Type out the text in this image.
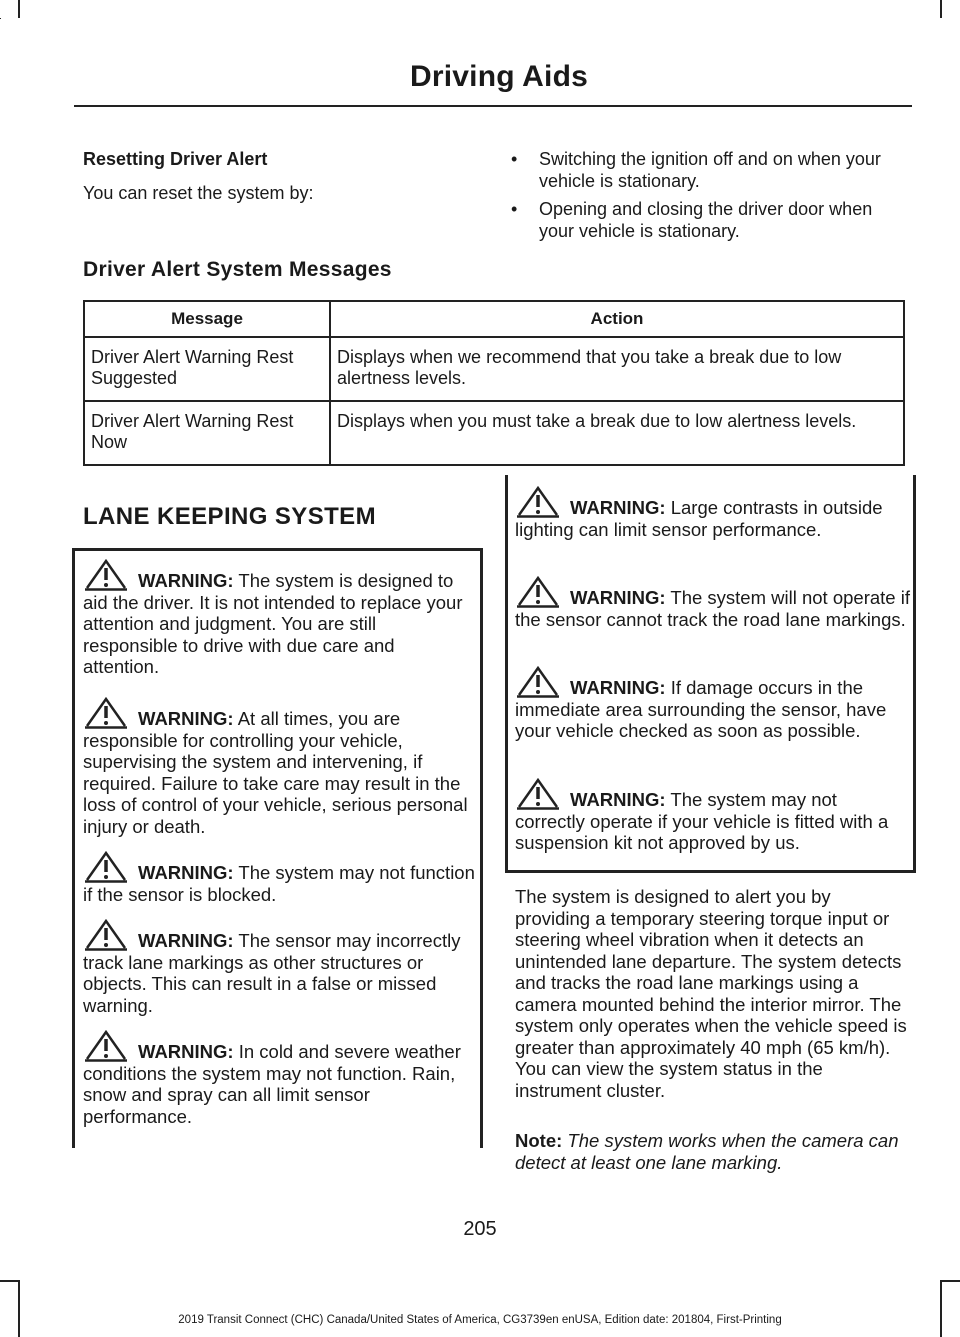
Driving Aids
Resetting Driver Alert
You can reset the system by:
• Switching the ignition off and on when your vehicle is stationary.
• Opening and closing the driver door when your vehicle is stationary.
Driver Alert System Messages
Message	Action
Driver Alert Warning Rest Suggested	Displays when we recommend that you take a break due to low alertness levels.
Driver Alert Warning Rest Now	Displays when you must take a break due to low alertness levels.
LANE KEEPING SYSTEM
WARNING: The system is designed to aid the driver. It is not intended to replace your attention and judgment. You are still responsible to drive with due care and attention.
WARNING: At all times, you are responsible for controlling your vehicle, supervising the system and intervening, if required. Failure to take care may result in the loss of control of your vehicle, serious personal injury or death.
WARNING: The system may not function if the sensor is blocked.
WARNING: The sensor may incorrectly track lane markings as other structures or objects. This can result in a false or missed warning.
WARNING: In cold and severe weather conditions the system may not function. Rain, snow and spray can all limit sensor performance.
WARNING: Large contrasts in outside lighting can limit sensor performance.
WARNING: The system will not operate if the sensor cannot track the road lane markings.
WARNING: If damage occurs in the immediate area surrounding the sensor, have your vehicle checked as soon as possible.
WARNING: The system may not correctly operate if your vehicle is fitted with a suspension kit not approved by us.
The system is designed to alert you by providing a temporary steering torque input or steering wheel vibration when it detects an unintended lane departure. The system detects and tracks the road lane markings using a camera mounted behind the interior mirror. The system only operates when the vehicle speed is greater than approximately 40 mph (65 km/h). You can view the system status in the instrument cluster.
Note: The system works when the camera can detect at least one lane marking.
205
2019 Transit Connect (CHC) Canada/United States of America, CG3739en enUSA, Edition date: 201804, First-Printing
